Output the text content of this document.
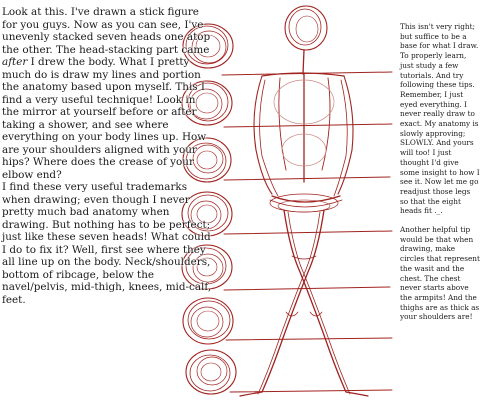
Look at this. I've drawn a stick figure for you guys. Now as you can see, I've unevenly stacked seven heads one atop the other. The head-stacking part came after I drew the body. What I pretty much do is draw my lines and portion the anatomy based upon myself. This I find a very useful technique! Look in the mirror at yourself before or after taking a shower, and see where everything on your body lines up. How are your shoulders aligned with your hips? Where does the crease of your elbow end?

I find these very useful trademarks when drawing; even though I never pretty much bad anatomy when drawing. But nothing has to be perfect; just like these seven heads! What could I do to fix it? Well, first see where they all line up on the body. Neck/shoulders, bottom of ribcage, below the navel/pelvis, mid-thigh, knees, mid-calf, feet.

This isn't very right; but suffice to be a base for what I draw. To properly learn, just study a few tutorials. And try following these tips. Remember, I just eyed everything. I never really draw to exact. My anatomy is slowly approving; SLOWLY. And yours will too! I just thought I'd give some insight to how I see it. Now let me go readjust those legs so that the eight heads fit ._.

Another helpful tip would be that when drawing, make circles that represent the wasit and the chest. The chest never starts above the armpits! And the thighs are as thick as your shoulders are!
